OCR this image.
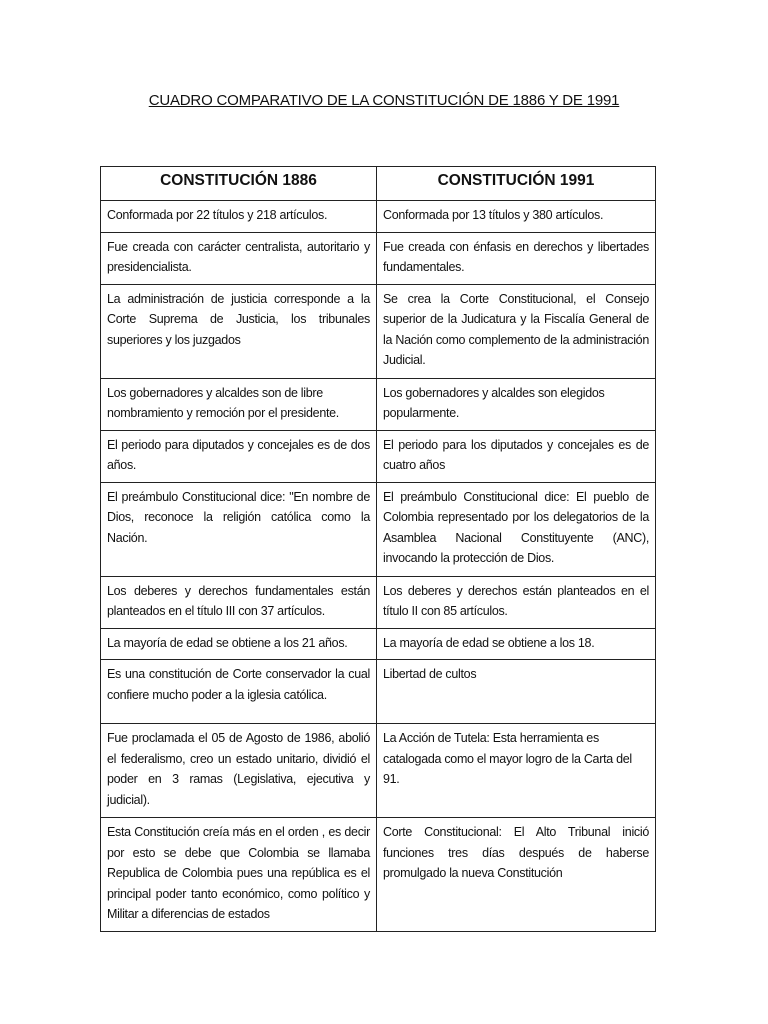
CUADRO COMPARATIVO DE LA CONSTITUCIÓN DE 1886 Y DE 1991
CONSTITUCIÓN 1886	CONSTITUCIÓN 1991
Conformada por 22 títulos y 218 artículos.	Conformada por 13 títulos y 380 artículos.
Fue creada con carácter centralista, autoritario y presidencialista.	Fue creada con énfasis en derechos y libertades fundamentales.
La administración de justicia corresponde a la Corte Suprema de Justicia, los tribunales superiores y los juzgados	Se crea la Corte Constitucional, el Consejo superior de la Judicatura y la Fiscalía General de la Nación como complemento de la administración Judicial.
Los gobernadores y alcaldes son de libre nombramiento y remoción por el presidente.	Los gobernadores y alcaldes son elegidos popularmente.
El periodo para diputados y concejales es de dos años.	El periodo para los diputados y concejales es de cuatro años
El preámbulo Constitucional dice: "En nombre de Dios, reconoce la religión católica como la Nación.	El preámbulo Constitucional dice: El pueblo de Colombia representado por los delegatorios de la Asamblea Nacional Constituyente (ANC), invocando la protección de Dios.
Los deberes y derechos fundamentales están planteados en el título III con 37 artículos.	Los deberes y derechos están planteados en el título II con 85 artículos.
La mayoría de edad se obtiene a los 21 años.	La mayoría de edad se obtiene a los 18.
Es una constitución de Corte conservador la cual confiere mucho poder a la iglesia católica.	Libertad de cultos
Fue proclamada el 05 de Agosto de 1986, abolió el federalismo, creo un estado unitario, dividió el poder en 3 ramas (Legislativa, ejecutiva y judicial).	La Acción de Tutela: Esta herramienta es catalogada como el mayor logro de la Carta del 91.
Esta Constitución creía más en el orden , es decir por esto se debe que Colombia se llamaba Republica de Colombia pues una república es el principal poder tanto económico, como político y Militar a diferencias de estados	Corte Constitucional: El Alto Tribunal inició funciones tres días después de haberse promulgado la nueva Constitución
